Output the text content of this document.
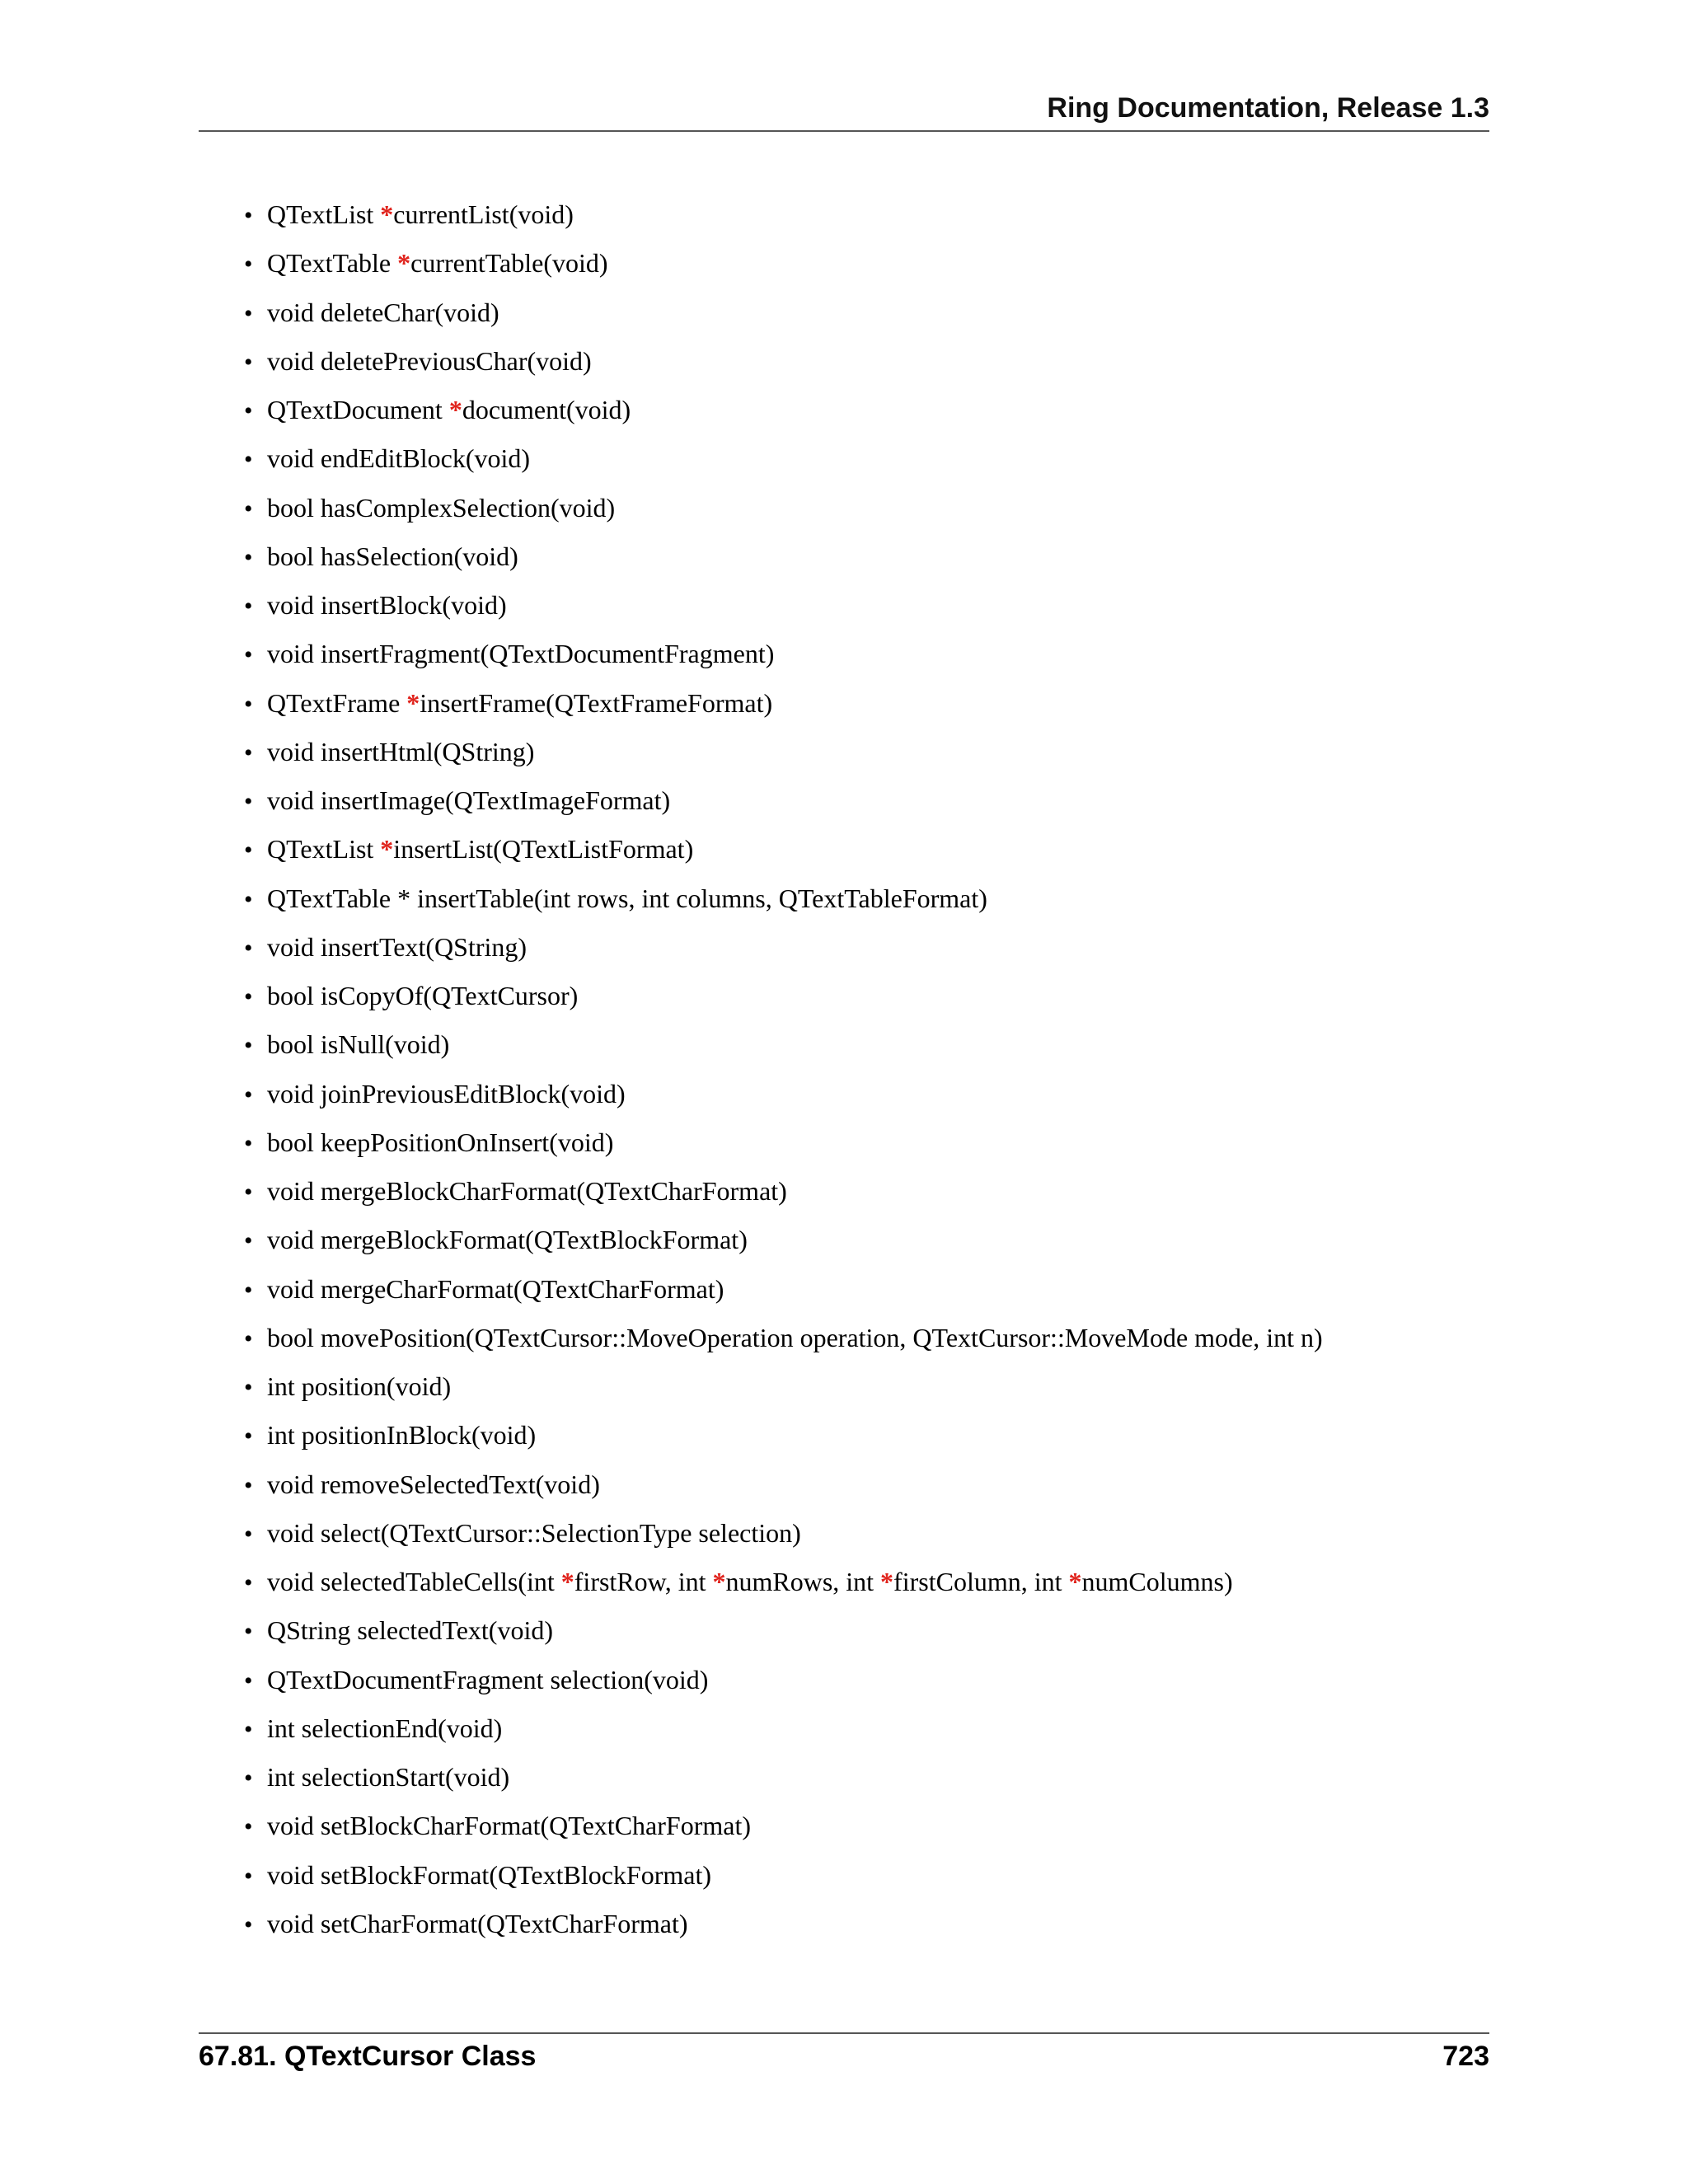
Ring Documentation, Release 1.3
• QTextList *currentList(void)
• QTextTable *currentTable(void)
• void deleteChar(void)
• void deletePreviousChar(void)
• QTextDocument *document(void)
• void endEditBlock(void)
• bool hasComplexSelection(void)
• bool hasSelection(void)
• void insertBlock(void)
• void insertFragment(QTextDocumentFragment)
• QTextFrame *insertFrame(QTextFrameFormat)
• void insertHtml(QString)
• void insertImage(QTextImageFormat)
• QTextList *insertList(QTextListFormat)
• QTextTable * insertTable(int rows, int columns, QTextTableFormat)
• void insertText(QString)
• bool isCopyOf(QTextCursor)
• bool isNull(void)
• void joinPreviousEditBlock(void)
• bool keepPositionOnInsert(void)
• void mergeBlockCharFormat(QTextCharFormat)
• void mergeBlockFormat(QTextBlockFormat)
• void mergeCharFormat(QTextCharFormat)
• bool movePosition(QTextCursor::MoveOperation operation, QTextCursor::MoveMode mode, int n)
• int position(void)
• int positionInBlock(void)
• void removeSelectedText(void)
• void select(QTextCursor::SelectionType selection)
• void selectedTableCells(int *firstRow, int *numRows, int *firstColumn, int *numColumns)
• QString selectedText(void)
• QTextDocumentFragment selection(void)
• int selectionEnd(void)
• int selectionStart(void)
• void setBlockCharFormat(QTextCharFormat)
• void setBlockFormat(QTextBlockFormat)
• void setCharFormat(QTextCharFormat)
67.81. QTextCursor Class	723
